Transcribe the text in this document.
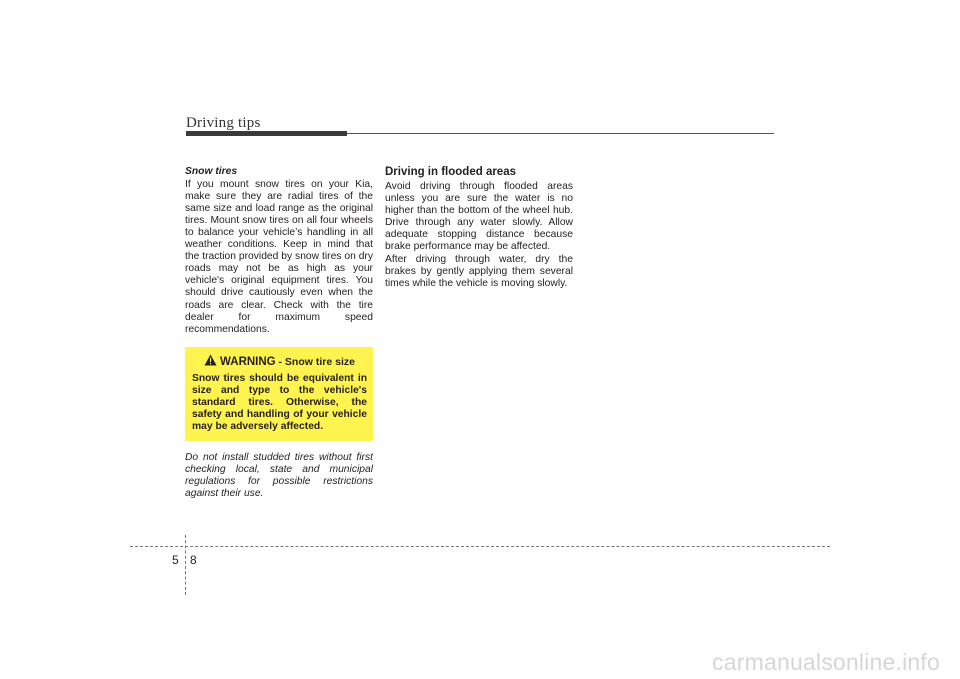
Driving tips
Snow tires

If you mount snow tires on your Kia, make sure they are radial tires of the same size and load range as the original tires. Mount snow tires on all four wheels to balance your vehicle’s handling in all weather conditions. Keep in mind that the traction provided by snow tires on dry roads may not be as high as your vehicle's original equipment tires. You should drive cautiously even when the roads are clear. Check with the tire dealer for maximum speed recommendations.

WARNING - Snow tire size
Snow tires should be equivalent in size and type to the vehicle's standard tires. Otherwise, the safety and handling of your vehicle may be adversely affected.

Do not install studded tires without first checking local, state and municipal regulations for possible restrictions against their use.

Driving in flooded areas

Avoid driving through flooded areas unless you are sure the water is no higher than the bottom of the wheel hub. Drive through any water slowly. Allow adequate stopping distance because brake performance may be affected.

After driving through water, dry the brakes by gently applying them several times while the vehicle is moving slowly.

5 8
carmanualsonline.info
